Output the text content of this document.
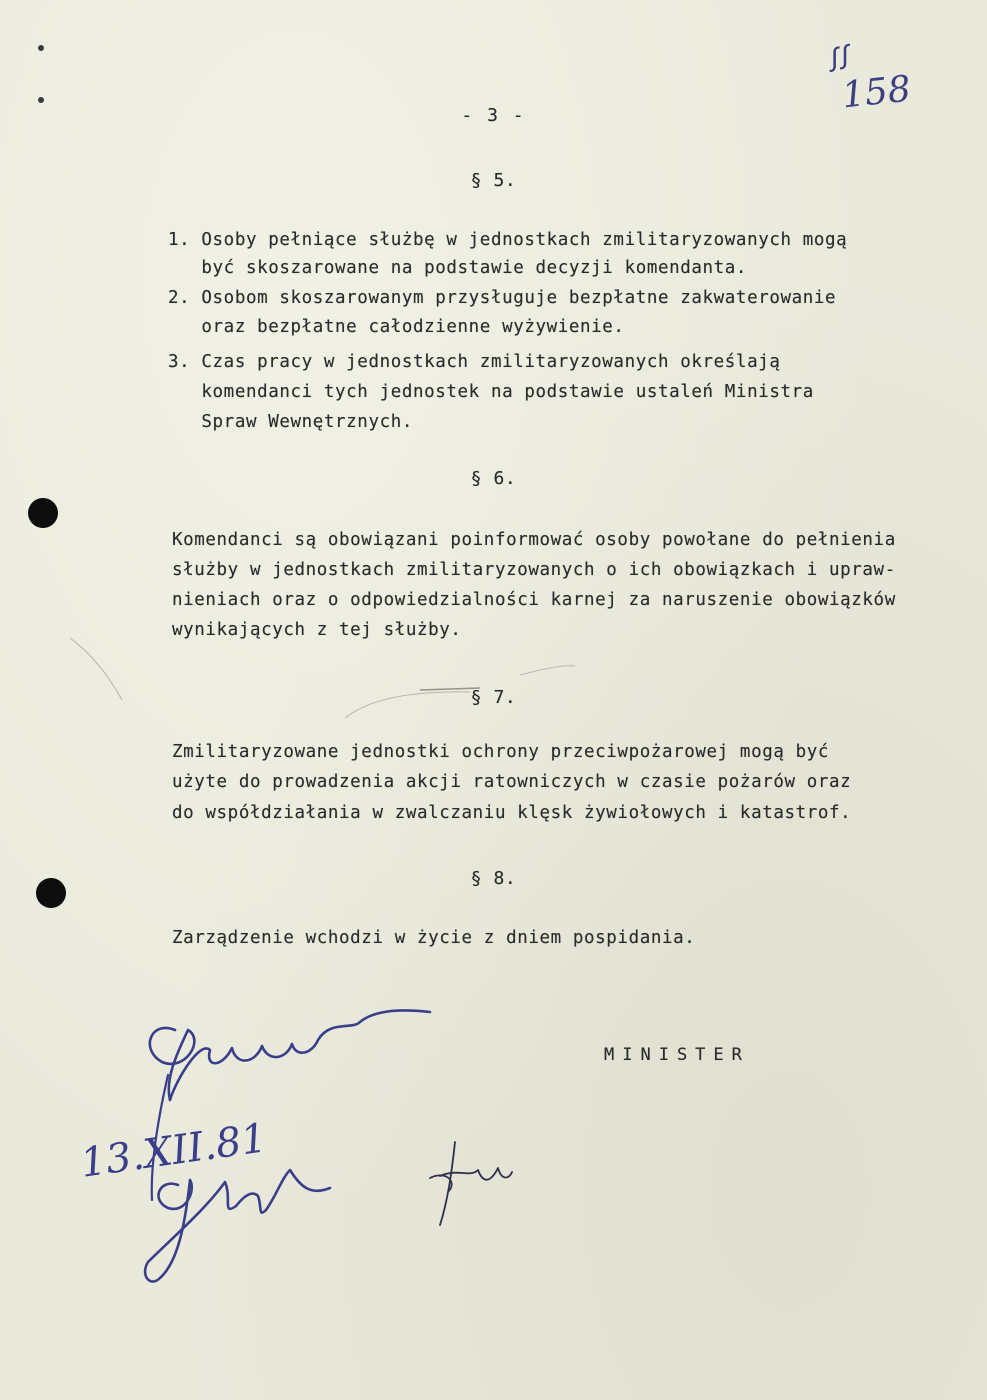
ꭍꭍ
158
- 3 -
§ 5.
1. Osoby pełniące służbę w jednostkach zmilitaryzowanych mogą
być skoszarowane na podstawie decyzji komendanta.
2. Osobom skoszarowanym przysługuje bezpłatne zakwaterowanie
oraz bezpłatne całodzienne wyżywienie.
3. Czas pracy w jednostkach zmilitaryzowanych określają
komendanci tych jednostek na podstawie ustaleń Ministra
Spraw Wewnętrznych.
§ 6.
Komendanci są obowiązani poinformować osoby powołane do pełnienia
służby w jednostkach zmilitaryzowanych o ich obowiązkach i upraw-
nieniach oraz o odpowiedzialności karnej za naruszenie obowiązków
wynikających z tej służby.
§ 7.
Zmilitaryzowane jednostki ochrony przeciwpożarowej mogą być
użyte do prowadzenia akcji ratowniczych w czasie pożarów oraz
do współdziałania w zwalczaniu klęsk żywiołowych i katastrof.
§ 8.
Zarządzenie wchodzi w życie z dniem pospidania.
MINISTER
13.XII.81
